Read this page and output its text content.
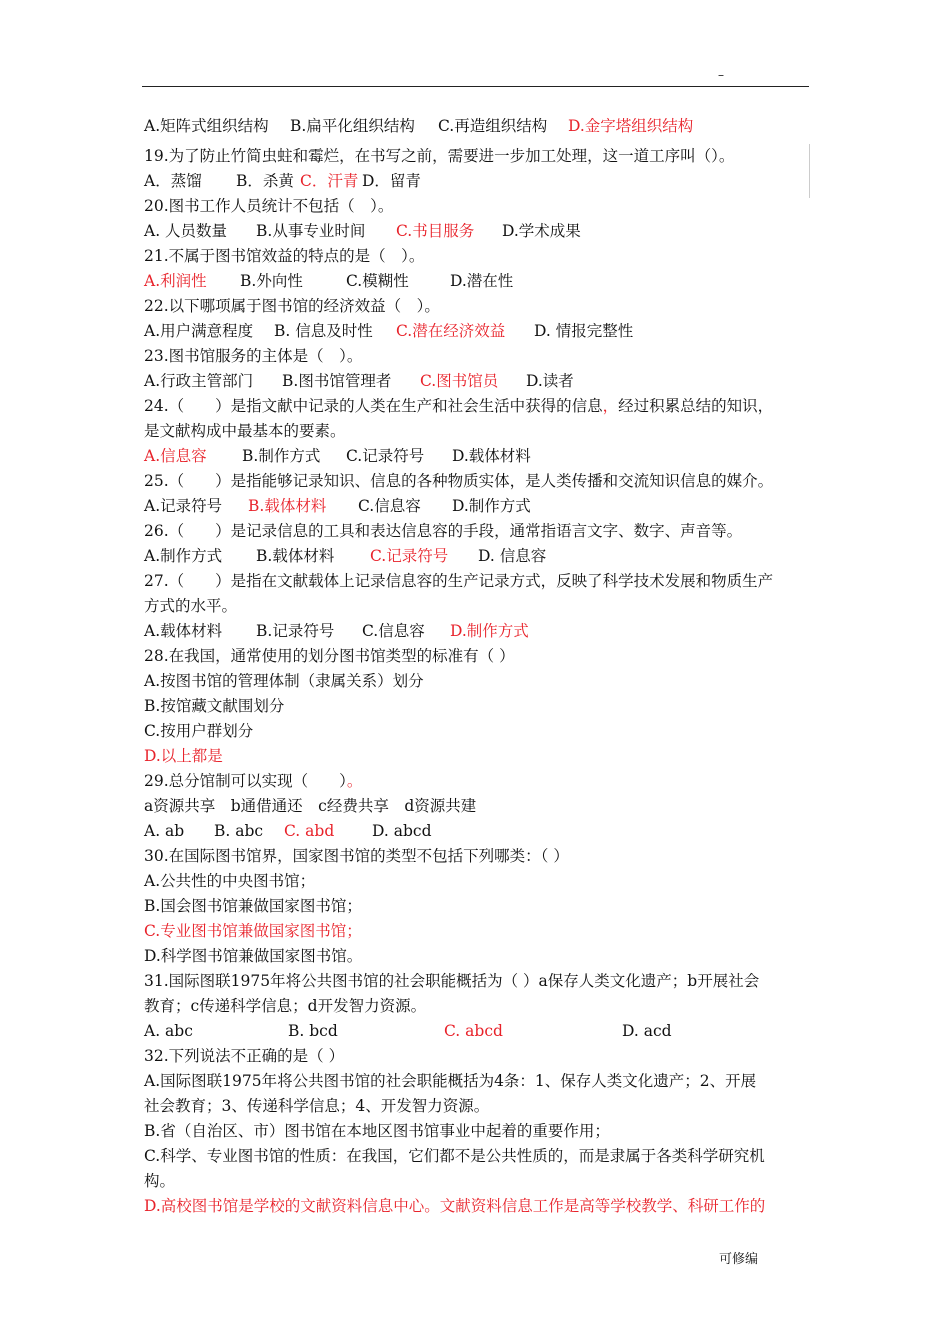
–
A.矩阵式组织结构 B.扁平化组织结构 C.再造组织结构 D.金字塔组织结构
19.为了防止竹简虫蛀和霉烂，在书写之前，需要进一步加工处理，这一道工序叫（）。
A．蒸馏 B．杀黄 C．汗青 D．留青
20.图书工作人员统计不包括（　）。
A. 人员数量 B.从事专业时间 C.书目服务 D.学术成果
21.不属于图书馆效益的特点的是（　）。
A.利润性 B.外向性	C.模糊性	D.潜在性
22.以下哪项属于图书馆的经济效益（　）。
A.用户满意程度 B. 信息及时性 C.潜在经济效益 D. 情报完整性
23.图书馆服务的主体是（　）。
A.行政主管部门 B.图书馆管理者 C.图书馆员 D.读者
24.（　　）是指文献中记录的人类在生产和社会生活中获得的信息，经过积累总结的知识，
是文献构成中最基本的要素。
A.信息容 B.制作方式 C.记录符号 D.载体材料
25.（　　）是指能够记录知识、信息的各种物质实体，是人类传播和交流知识信息的媒介。
A.记录符号 B.载体材料 C.信息容 D.制作方式
26.（　　）是记录信息的工具和表达信息容的手段，通常指语言文字、数字、声音等。
A.制作方式 B.载体材料 C.记录符号 D. 信息容
27.（　　）是指在文献载体上记录信息容的生产记录方式，反映了科学技术发展和物质生产
方式的水平。
A.载体材料 B.记录符号 C.信息容 D.制作方式
28.在我国，通常使用的划分图书馆类型的标准有（ ）
A.按图书馆的管理体制（隶属关系）划分
B.按馆藏文献围划分
C.按用户群划分
D.以上都是
29.总分馆制可以实现（　　）。
a资源共享　b通借通还　c经费共享　d资源共建
A. ab B. abc C. abd D. abcd
30.在国际图书馆界，国家图书馆的类型不包括下列哪类：（ ）
A.公共性的中央图书馆；
B.国会图书馆兼做国家图书馆；
C.专业图书馆兼做国家图书馆；
D.科学图书馆兼做国家图书馆。
31.国际图联1975年将公共图书馆的社会职能概括为（ ）a保存人类文化遗产；b开展社会
教育；c传递科学信息；d开发智力资源。
A. abc	B. bcd	C. abcd	D. acd
32.下列说法不正确的是（ ）
A.国际图联1975年将公共图书馆的社会职能概括为4条：1、保存人类文化遗产；2、开展
社会教育；3、传递科学信息；4、开发智力资源。
B.省（自治区、市）图书馆在本地区图书馆事业中起着的重要作用；
C.科学、专业图书馆的性质：在我国，它们都不是公共性质的，而是隶属于各类科学研究机
构。
D.高校图书馆是学校的文献资料信息中心。文献资料信息工作是高等学校教学、科研工作的
可修编
